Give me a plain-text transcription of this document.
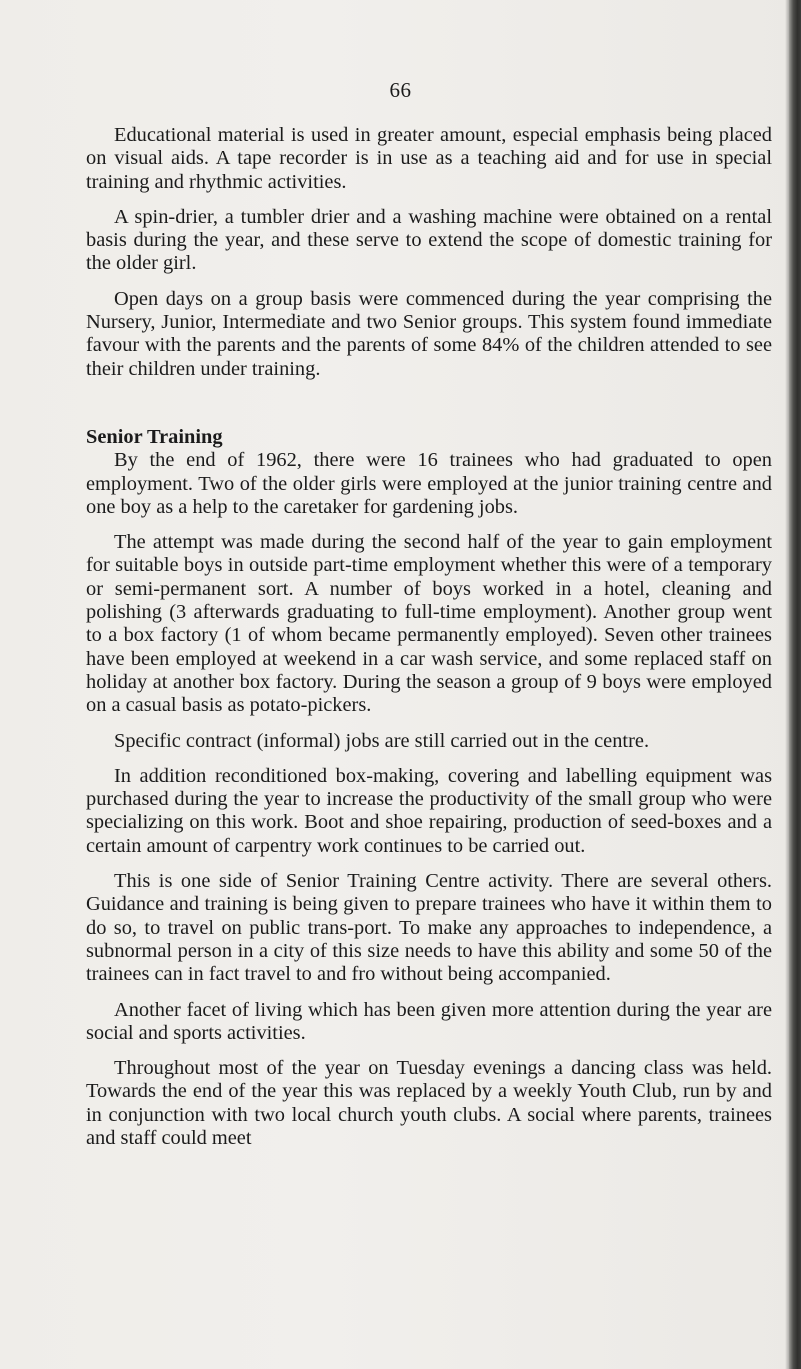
66

Educational material is used in greater amount, especial emphasis being placed on visual aids. A tape recorder is in use as a teaching aid and for use in special training and rhythmic activities.

A spin-drier, a tumbler drier and a washing machine were obtained on a rental basis during the year, and these serve to extend the scope of domestic training for the older girl.

Open days on a group basis were commenced during the year comprising the Nursery, Junior, Intermediate and two Senior groups. This system found immediate favour with the parents and the parents of some 84% of the children attended to see their children under training.

Senior Training

By the end of 1962, there were 16 trainees who had graduated to open employment. Two of the older girls were employed at the junior training centre and one boy as a help to the caretaker for gardening jobs.

The attempt was made during the second half of the year to gain employment for suitable boys in outside part-time employment whether this were of a temporary or semi-permanent sort. A number of boys worked in a hotel, cleaning and polishing (3 afterwards graduating to full-time employment). Another group went to a box factory (1 of whom became permanently employed). Seven other trainees have been employed at weekend in a car wash service, and some replaced staff on holiday at another box factory. During the season a group of 9 boys were employed on a casual basis as potato-pickers.

Specific contract (informal) jobs are still carried out in the centre.

In addition reconditioned box-making, covering and labelling equipment was purchased during the year to increase the productivity of the small group who were specializing on this work. Boot and shoe repairing, production of seed-boxes and a certain amount of carpentry work continues to be carried out.

This is one side of Senior Training Centre activity. There are several others. Guidance and training is being given to prepare trainees who have it within them to do so, to travel on public trans-port. To make any approaches to independence, a subnormal person in a city of this size needs to have this ability and some 50 of the trainees can in fact travel to and fro without being accompanied.

Another facet of living which has been given more attention during the year are social and sports activities.

Throughout most of the year on Tuesday evenings a dancing class was held. Towards the end of the year this was replaced by a weekly Youth Club, run by and in conjunction with two local church youth clubs. A social where parents, trainees and staff could meet
